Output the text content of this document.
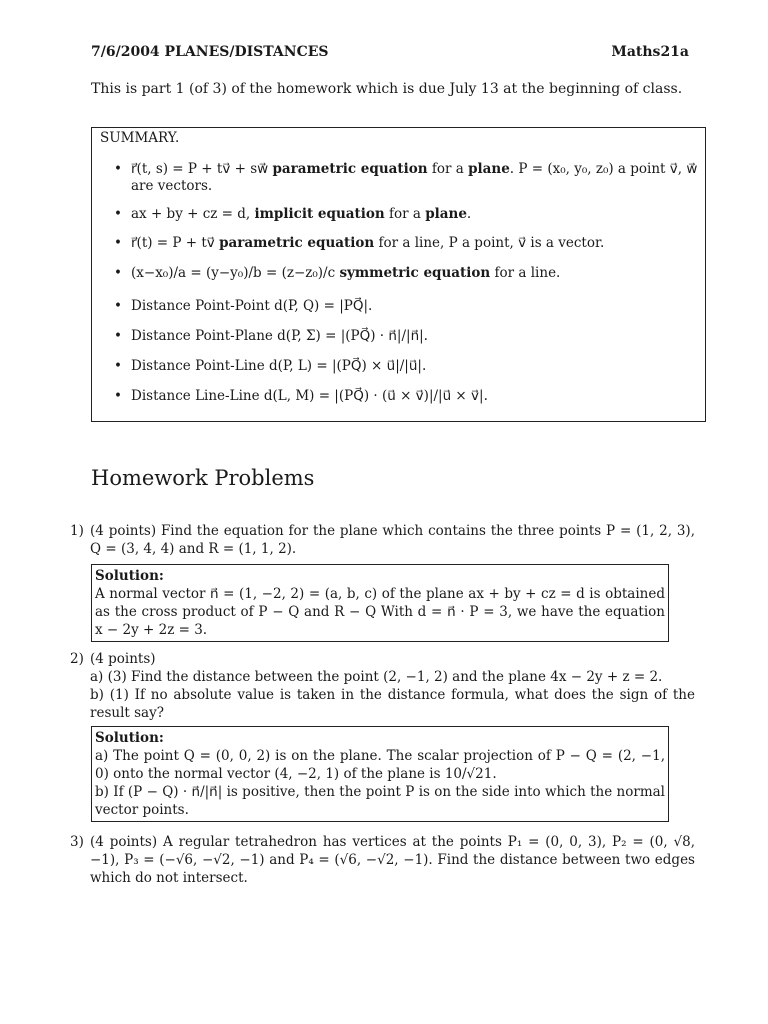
7/6/2004 PLANES/DISTANCES	Maths21a
This is part 1 (of 3) of the homework which is due July 13 at the beginning of class.
SUMMARY.
• r⃗(t, s) = P + tv⃗ + sw⃗ parametric equation for a plane. P = (x₀, y₀, z₀) a point v⃗, w⃗ are vectors.
• ax + by + cz = d, implicit equation for a plane.
• r⃗(t) = P + tv⃗ parametric equation for a line, P a point, v⃗ is a vector.
• (x−x₀)/a = (y−y₀)/b = (z−z₀)/c symmetric equation for a line.
• Distance Point-Point d(P, Q) = |PQ⃗|.
• Distance Point-Plane d(P, Σ) = |(PQ⃗) · n⃗|/|n⃗|.
• Distance Point-Line d(P, L) = |(PQ⃗) × u⃗|/|u⃗|.
• Distance Line-Line d(L, M) = |(PQ⃗) · (u⃗ × v⃗)|/|u⃗ × v⃗|.
Homework Problems
1) (4 points) Find the equation for the plane which contains the three points P = (1, 2, 3), Q = (3, 4, 4) and R = (1, 1, 2).
Solution:
A normal vector n⃗ = (1, −2, 2) = (a, b, c) of the plane ax + by + cz = d is obtained as the cross product of P − Q and R − Q With d = n⃗ · P = 3, we have the equation x − 2y + 2z = 3.
2) (4 points)
a) (3) Find the distance between the point (2, −1, 2) and the plane 4x − 2y + z = 2.
b) (1) If no absolute value is taken in the distance formula, what does the sign of the result say?
Solution:
a) The point Q = (0, 0, 2) is on the plane. The scalar projection of P − Q = (2, −1, 0) onto the normal vector (4, −2, 1) of the plane is 10/√21.
b) If (P − Q) · n⃗/|n⃗| is positive, then the point P is on the side into which the normal vector points.
3) (4 points) A regular tetrahedron has vertices at the points P₁ = (0, 0, 3), P₂ = (0, √8, −1), P₃ = (−√6, −√2, −1) and P₄ = (√6, −√2, −1). Find the distance between two edges which do not intersect.
